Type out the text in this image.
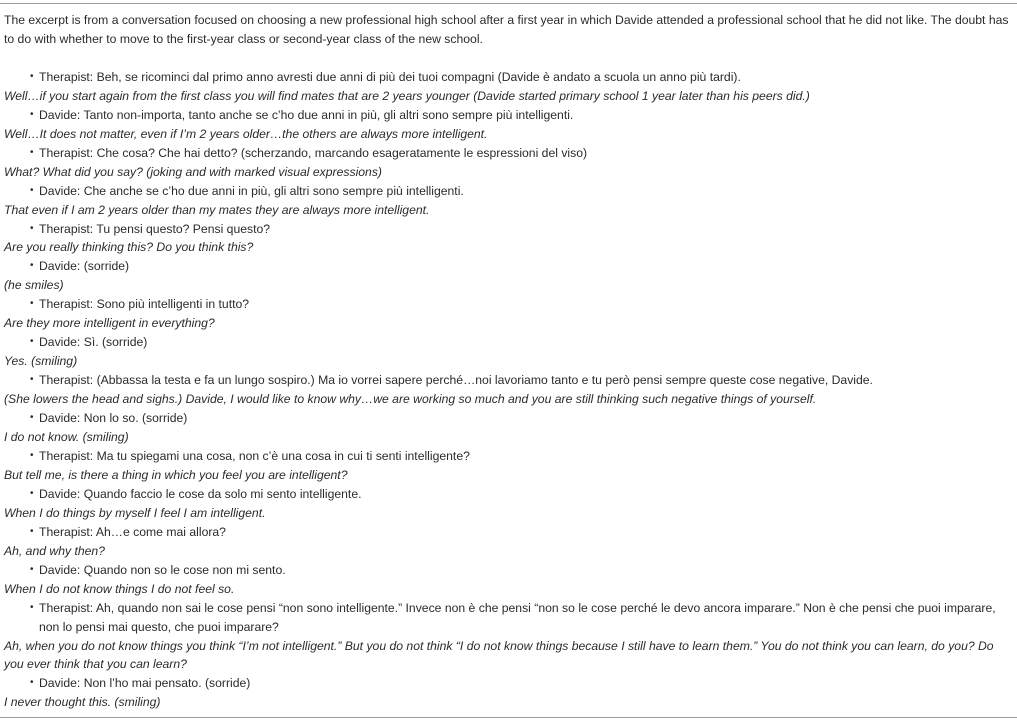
The excerpt is from a conversation focused on choosing a new professional high school after a first year in which Davide attended a professional school that he did not like. The doubt has to do with whether to move to the first-year class or second-year class of the new school.

• Therapist: Beh, se ricominci dal primo anno avresti due anni di più dei tuoi compagni (Davide è andato a scuola un anno più tardi).

Well…if you start again from the first class you will find mates that are 2 years younger (Davide started primary school 1 year later than his peers did.)

• Davide: Tanto non-importa, tanto anche se c’ho due anni in più, gli altri sono sempre più intelligenti.

Well…It does not matter, even if I’m 2 years older…the others are always more intelligent.

• Therapist: Che cosa? Che hai detto? (scherzando, marcando esageratamente le espressioni del viso)

What? What did you say? (joking and with marked visual expressions)

• Davide: Che anche se c’ho due anni in più, gli altri sono sempre più intelligenti.

That even if I am 2 years older than my mates they are always more intelligent.

• Therapist: Tu pensi questo? Pensi questo?

Are you really thinking this? Do you think this?

• Davide: (sorride)

(he smiles)

• Therapist: Sono più intelligenti in tutto?

Are they more intelligent in everything?

• Davide: Sì. (sorride)

Yes. (smiling)

• Therapist: (Abbassa la testa e fa un lungo sospiro.) Ma io vorrei sapere perché…noi lavoriamo tanto e tu però pensi sempre queste cose negative, Davide.

(She lowers the head and sighs.) Davide, I would like to know why…we are working so much and you are still thinking such negative things of yourself.

• Davide: Non lo so. (sorride)

I do not know. (smiling)

• Therapist: Ma tu spiegami una cosa, non c’è una cosa in cui ti senti intelligente?

But tell me, is there a thing in which you feel you are intelligent?

• Davide: Quando faccio le cose da solo mi sento intelligente.

When I do things by myself I feel I am intelligent.

• Therapist: Ah…e come mai allora?

Ah, and why then?

• Davide: Quando non so le cose non mi sento.

When I do not know things I do not feel so.

• Therapist: Ah, quando non sai le cose pensi “non sono intelligente.” Invece non è che pensi “non so le cose perché le devo ancora imparare.” Non è che pensi che puoi imparare, non lo pensi mai questo, che puoi imparare?

Ah, when you do not know things you think “I’m not intelligent.” But you do not think “I do not know things because I still have to learn them.” You do not think you can learn, do you? Do you ever think that you can learn?

• Davide: Non l’ho mai pensato. (sorride)

I never thought this. (smiling)
